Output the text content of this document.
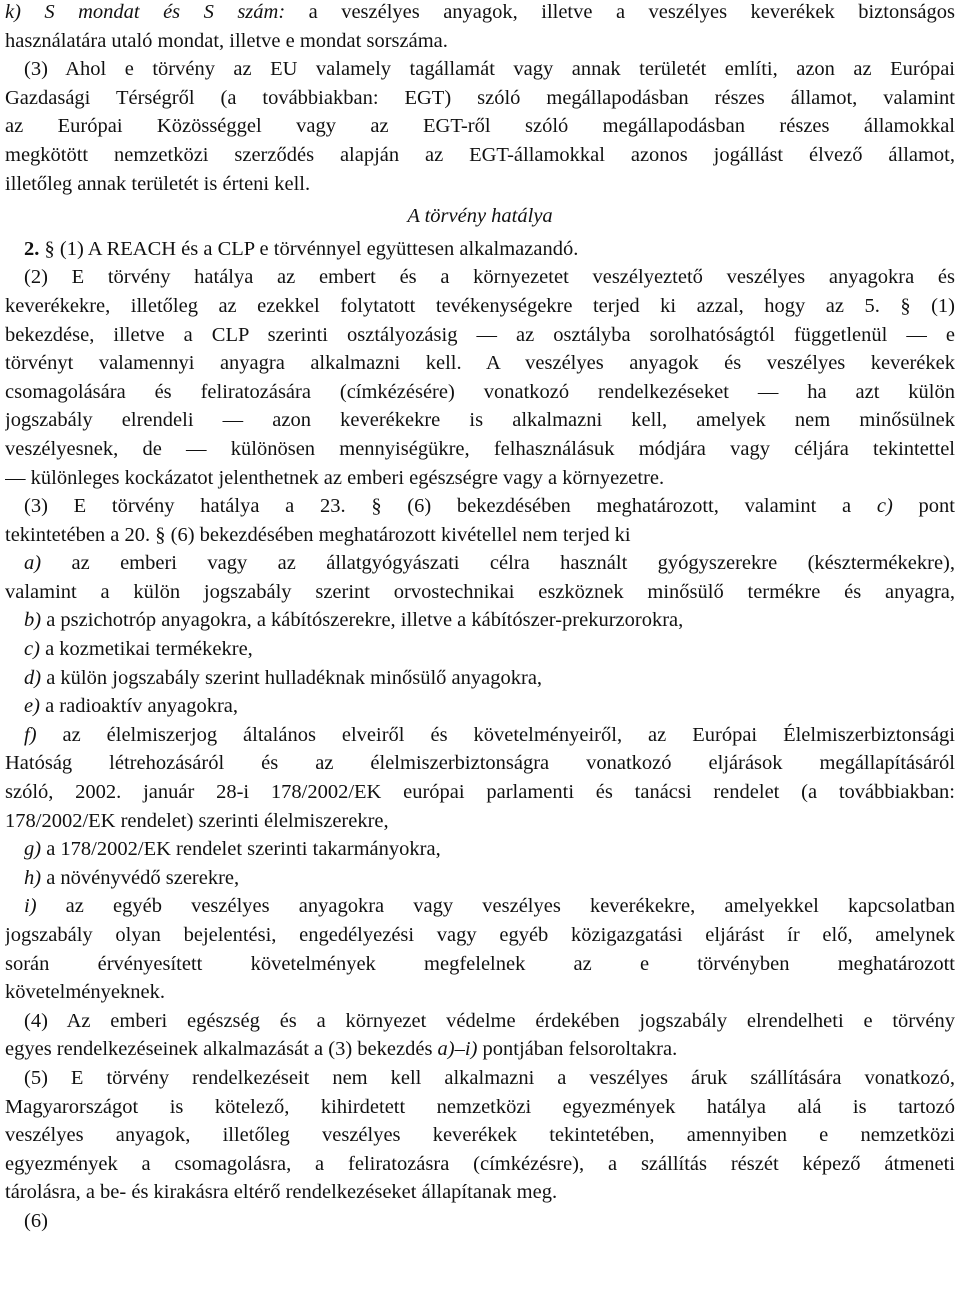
k) S mondat és S szám: a veszélyes anyagok, illetve a veszélyes keverékek biztonságos
használatára utaló mondat, illetve e mondat sorszáma.
(3) Ahol e törvény az EU valamely tagállamát vagy annak területét említi, azon az Európai
Gazdasági Térségről (a továbbiakban: EGT) szóló megállapodásban részes államot, valamint
az Európai Közösséggel vagy az EGT-ről szóló megállapodásban részes államokkal
megkötött nemzetközi szerződés alapján az EGT-államokkal azonos jogállást élvező államot,
illetőleg annak területét is érteni kell.
A törvény hatálya
2. § (1) A REACH és a CLP e törvénnyel együttesen alkalmazandó.
(2) E törvény hatálya az embert és a környezetet veszélyeztető veszélyes anyagokra és
keverékekre, illetőleg az ezekkel folytatott tevékenységekre terjed ki azzal, hogy az 5. § (1)
bekezdése, illetve a CLP szerinti osztályozásig — az osztályba sorolhatóságtól függetlenül — e
törvényt valamennyi anyagra alkalmazni kell. A veszélyes anyagok és veszélyes keverékek
csomagolására és feliratozására (címkézésére) vonatkozó rendelkezéseket — ha azt külön
jogszabály elrendeli — azon keverékekre is alkalmazni kell, amelyek nem minősülnek
veszélyesnek, de — különösen mennyiségükre, felhasználásuk módjára vagy céljára tekintettel
— különleges kockázatot jelenthetnek az emberi egészségre vagy a környezetre.
(3) E törvény hatálya a 23. § (6) bekezdésében meghatározott, valamint a c) pont
tekintetében a 20. § (6) bekezdésében meghatározott kivétellel nem terjed ki
a) az emberi vagy az állatgyógyászati célra használt gyógyszerekre (késztermékekre),
valamint a külön jogszabály szerint orvostechnikai eszköznek minősülő termékre és anyagra,
b) a pszichotróp anyagokra, a kábítószerekre, illetve a kábítószer-prekurzorokra,
c) a kozmetikai termékekre,
d) a külön jogszabály szerint hulladéknak minősülő anyagokra,
e) a radioaktív anyagokra,
f) az élelmiszerjog általános elveiről és követelményeiről, az Európai Élelmiszerbiztonsági
Hatóság létrehozásáról és az élelmiszerbiztonságra vonatkozó eljárások megállapításáról
szóló, 2002. január 28-i 178/2002/EK európai parlamenti és tanácsi rendelet (a továbbiakban:
178/2002/EK rendelet) szerinti élelmiszerekre,
g) a 178/2002/EK rendelet szerinti takarmányokra,
h) a növényvédő szerekre,
i) az egyéb veszélyes anyagokra vagy veszélyes keverékekre, amelyekkel kapcsolatban
jogszabály olyan bejelentési, engedélyezési vagy egyéb közigazgatási eljárást ír elő, amelynek
során érvényesített követelmények megfelelnek az e törvényben meghatározott
követelményeknek.
(4) Az emberi egészség és a környezet védelme érdekében jogszabály elrendelheti e törvény
egyes rendelkezéseinek alkalmazását a (3) bekezdés a)–i) pontjában felsoroltakra.
(5) E törvény rendelkezéseit nem kell alkalmazni a veszélyes áruk szállítására vonatkozó,
Magyarországot is kötelező, kihirdetett nemzetközi egyezmények hatálya alá is tartozó
veszélyes anyagok, illetőleg veszélyes keverékek tekintetében, amennyiben e nemzetközi
egyezmények a csomagolásra, a feliratozásra (címkézésre), a szállítás részét képező átmeneti
tárolásra, a be- és kirakásra eltérő rendelkezéseket állapítanak meg.
(6)
